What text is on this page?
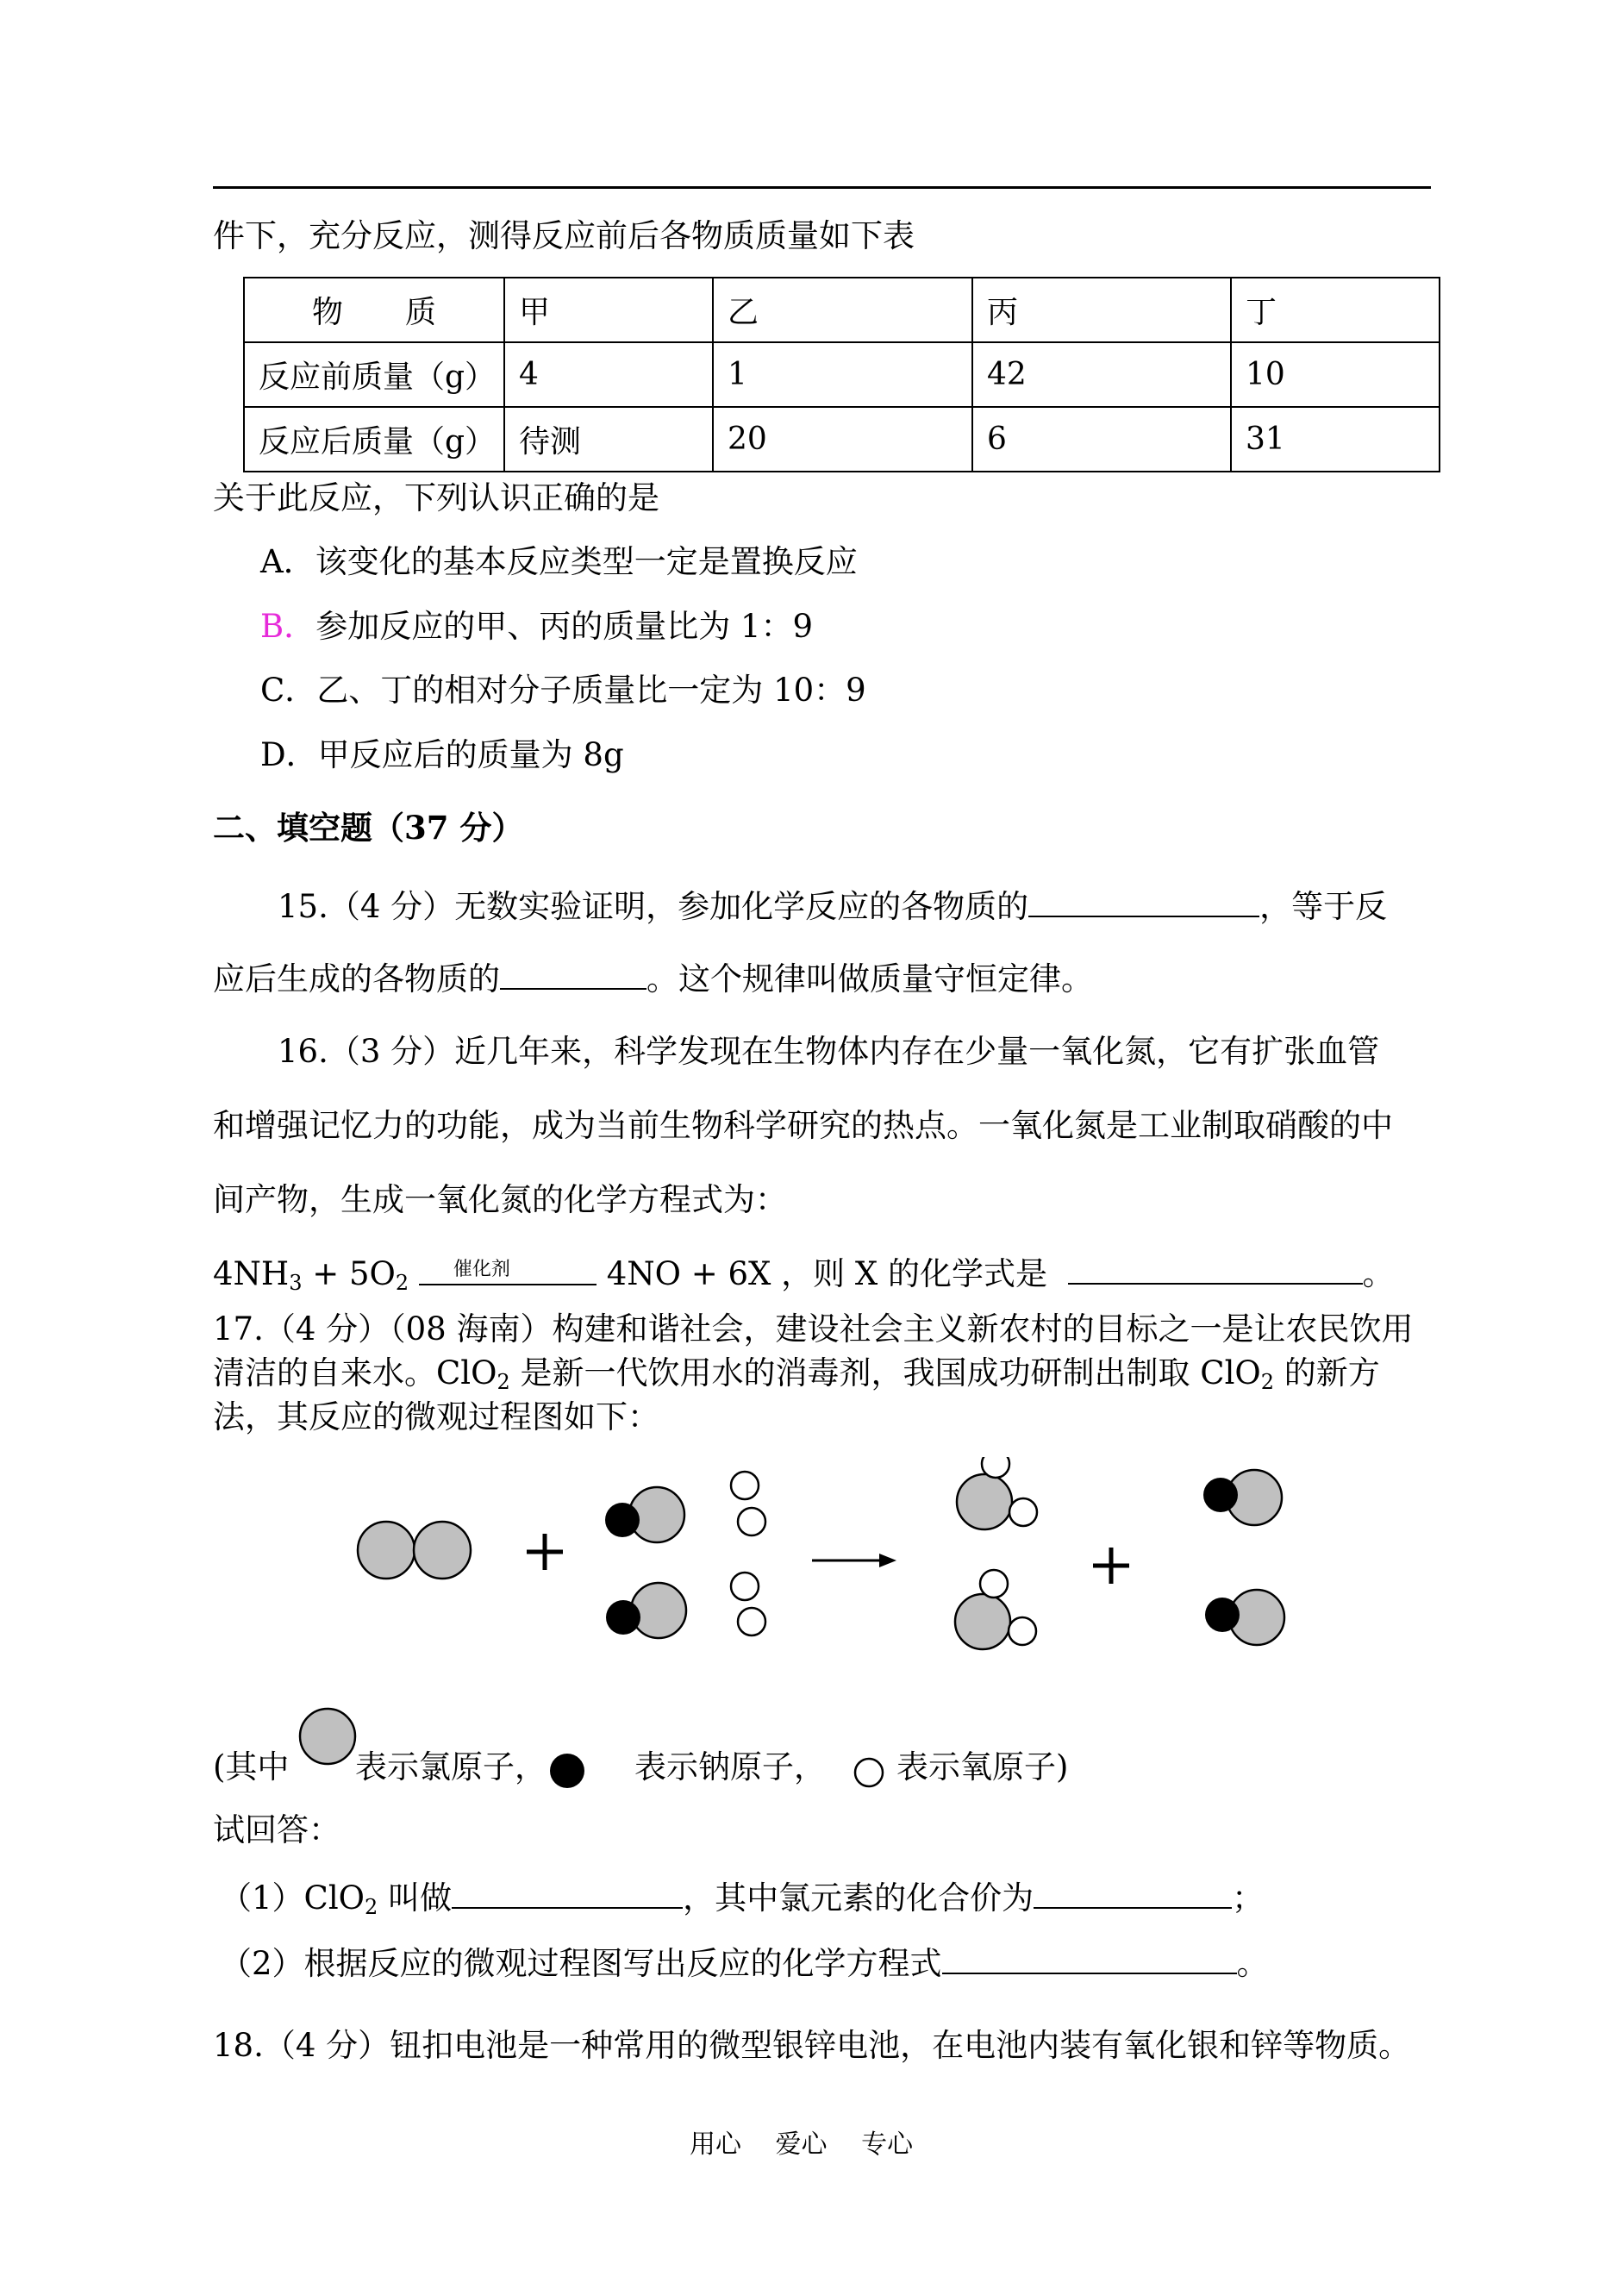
件下，充分反应，测得反应前后各物质质量如下表
物　　质	甲	乙	丙	丁
反应前质量（g）	4	1	42	10
反应后质量（g）	待测	20	6	31
关于此反应，下列认识正确的是
A．该变化的基本反应类型一定是置换反应
B．参加反应的甲、丙的质量比为 1：9
C．乙、丁的相对分子质量比一定为 10：9
D．甲反应后的质量为 8g
二、填空题（37 分）
15.（4 分）无数实验证明，参加化学反应的各物质的	，等于反
应后生成的各物质的	。这个规律叫做质量守恒定律。
16.（3 分）近几年来，科学发现在生物体内存在少量一氧化氮，它有扩张血管
和增强记忆力的功能，成为当前生物科学研究的热点。一氧化氮是工业制取硝酸的中
间产物，生成一氧化氮的化学方程式为：
$4NH_3 + 5O_2$
催化剂	4NO + 6X ，则 X 的化学式是	。
17.（4 分）（08 海南）构建和谐社会，建设社会主义新农村的目标之一是让农民饮用
清洁的自来水。ClO$_2$ 是新一代饮用水的消毒剂，我国成功研制出制取 ClO$_2$ 的新方
法，其反应的微观过程图如下：
(其中 表示氯原子，	表示钠原子， 表示氧原子)
试回答：
（1）ClO$_2$ 叫做	，其中氯元素的化合价为	；
（2）根据反应的微观过程图写出反应的化学方程式	。
18.（4 分）钮扣电池是一种常用的微型银锌电池，在电池内装有氧化银和锌等物质。
用心　 爱心　 专心
